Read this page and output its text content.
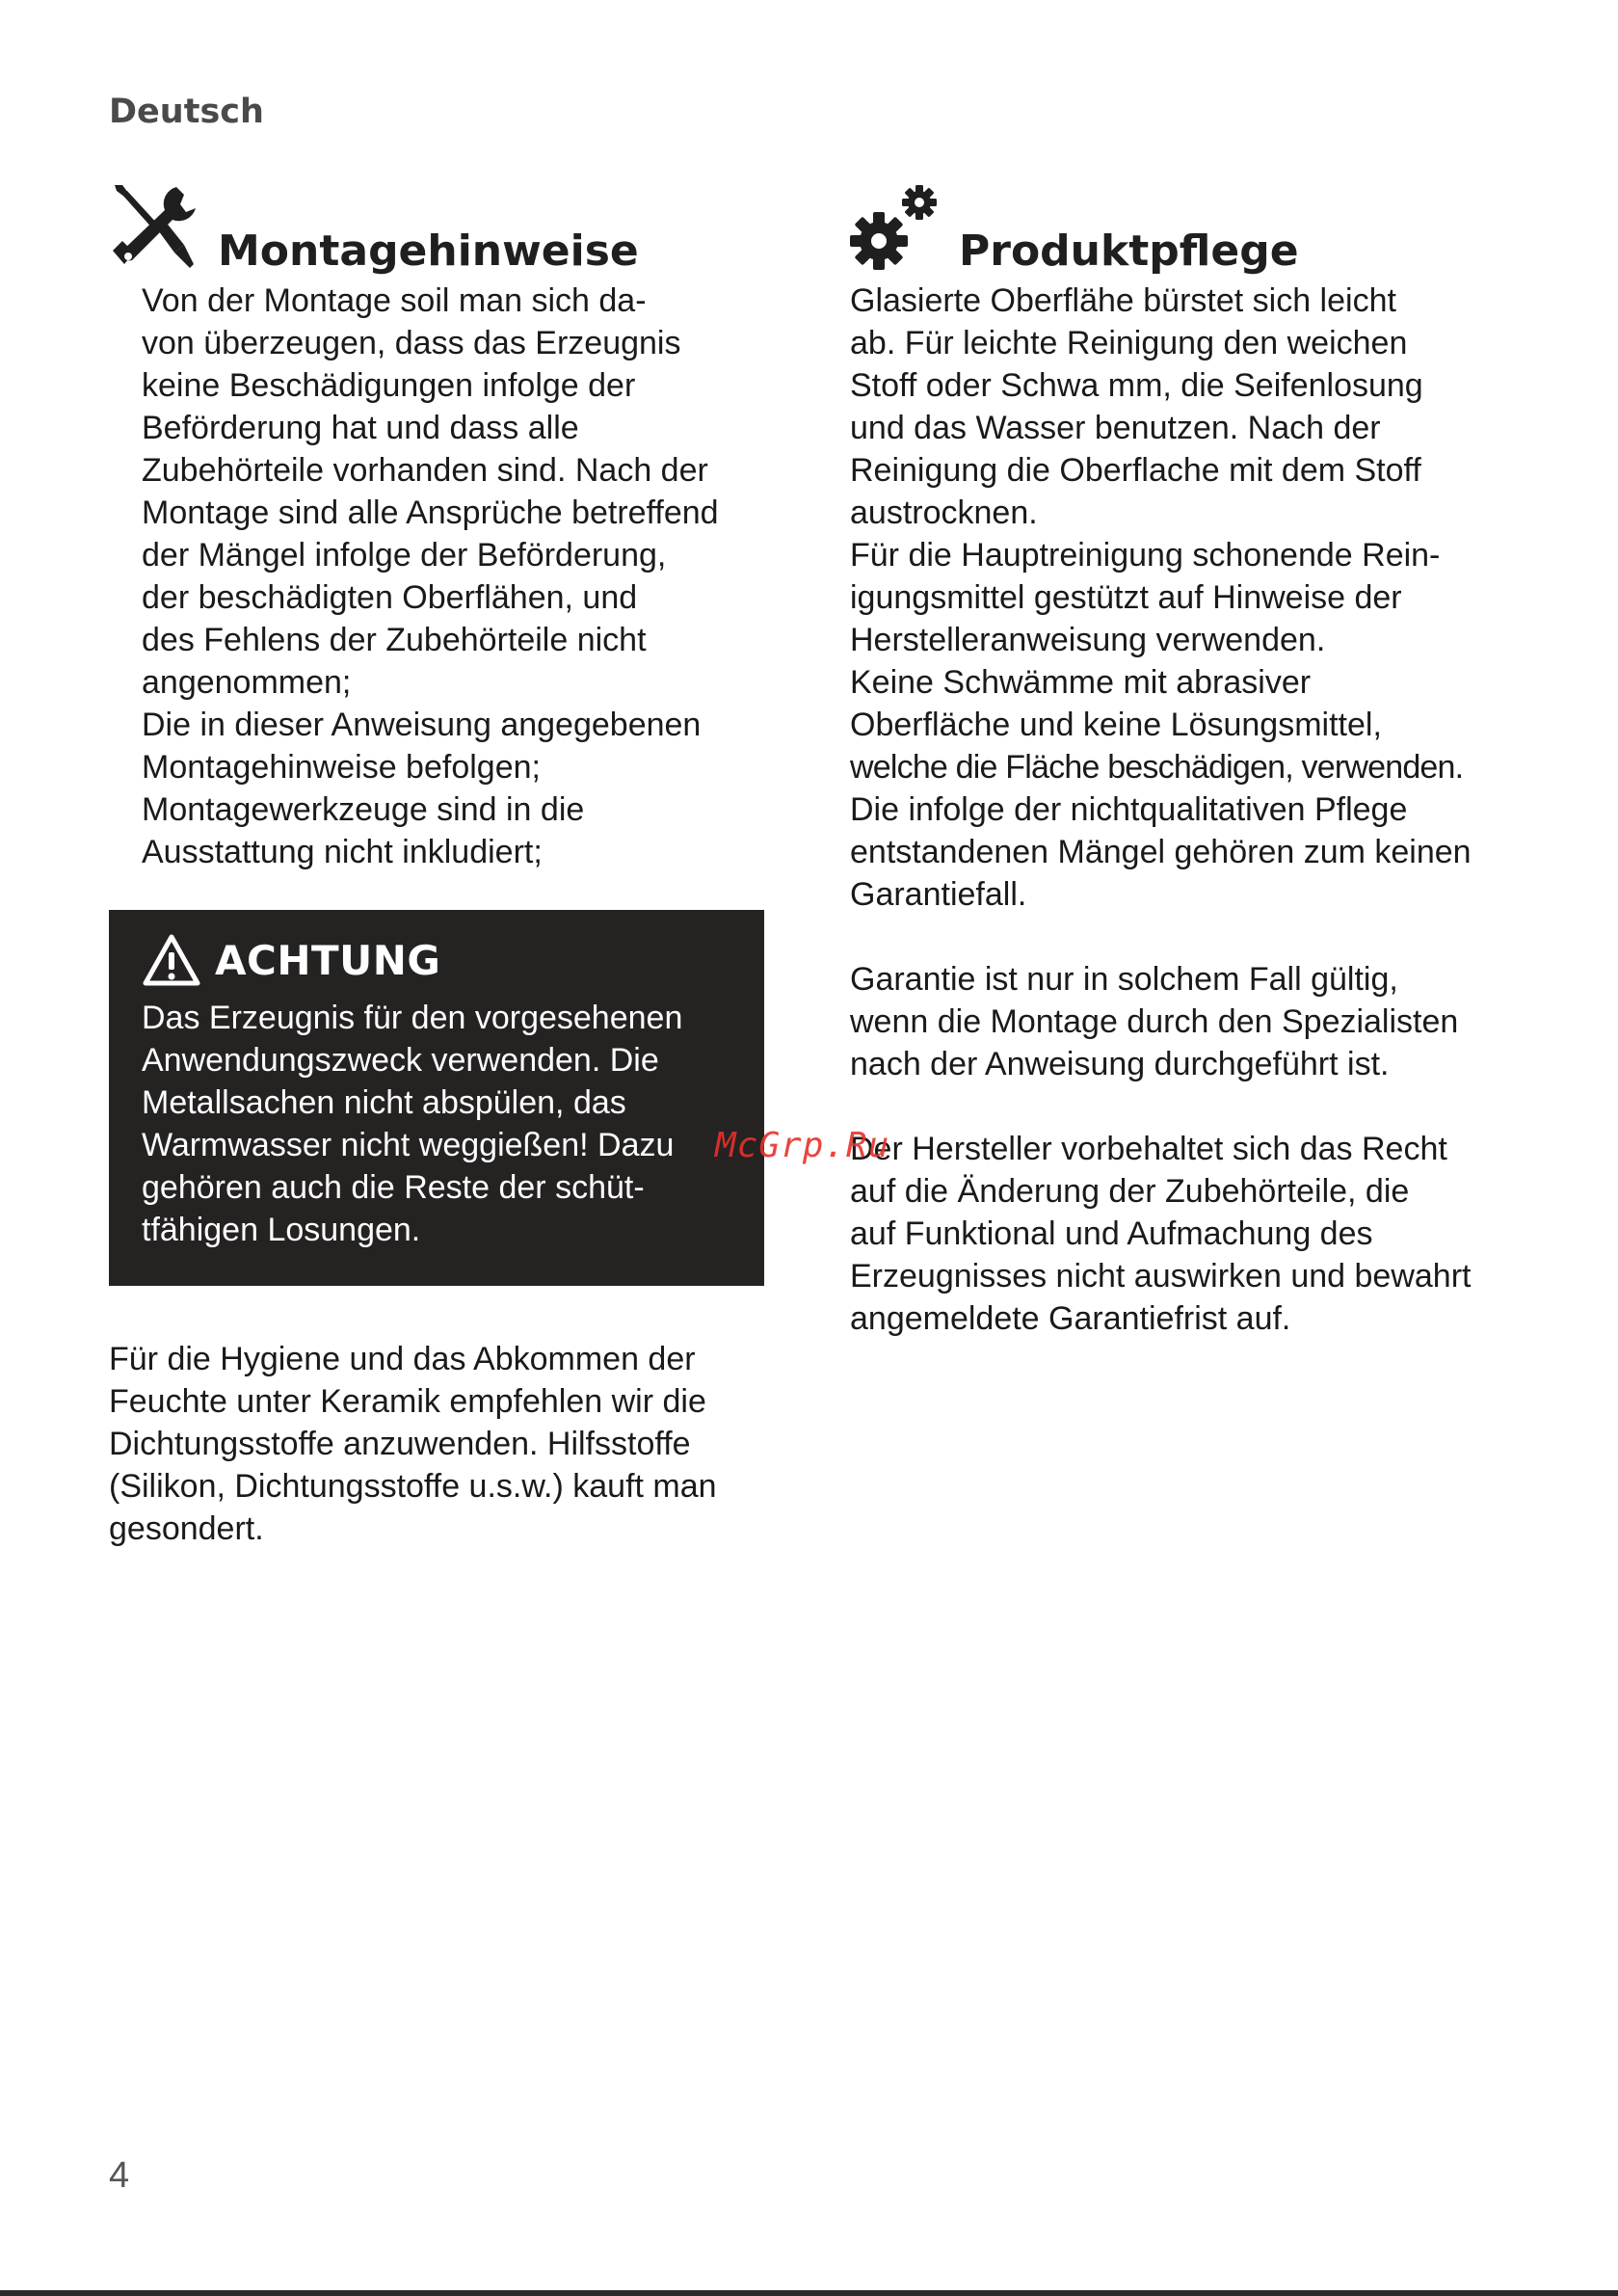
Deutsch
Montagehinweise

Von der Montage soil man sich da-
von überzeugen, dass das Erzeugnis
keine Beschädigungen infolge der
Beförderung hat und dass alle
Zubehörteile vorhanden sind. Nach der
Montage sind alle Ansprüche betreffend
der Mängel infolge der Beförderung,
der beschädigten Oberflähen, und
des Fehlens der Zubehörteile nicht
angenommen;
Die in dieser Anweisung angegebenen
Montagehinweise befolgen;
Montagewerkzeuge sind in die
Ausstattung nicht inkludiert;

ACHTUNG

Das Erzeugnis für den vorgesehenen
Anwendungszweck verwenden. Die
Metallsachen nicht abspülen, das
Warmwasser nicht weggießen! Dazu
gehören auch die Reste der schüt-
tfähigen Losungen.

Für die Hygiene und das Abkommen der
Feuchte unter Keramik empfehlen wir die
Dichtungsstoffe anzuwenden. Hilfsstoffe
(Silikon, Dichtungsstoffe u.s.w.) kauft man
gesondert.

Produktpflege

Glasierte Oberflähe bürstet sich leicht
ab. Für leichte Reinigung den weichen
Stoff oder Schwa mm, die Seifenlosung
und das Wasser benutzen. Nach der
Reinigung die Oberflache mit dem Stoff
austrocknen.
Für die Hauptreinigung schonende Rein-
igungsmittel gestützt auf Hinweise der
Herstelleranweisung verwenden.
Keine Schwämme mit abrasiver
Oberfläche und keine Lösungsmittel,
welche die Fläche beschädigen, verwenden.
Die infolge der nichtqualitativen Pflege
entstandenen Mängel gehören zum keinen
Garantiefall.

Garantie ist nur in solchem Fall gültig,
wenn die Montage durch den Spezialisten
nach der Anweisung durchgeführt ist.

Der Hersteller vorbehaltet sich das Recht
auf die Änderung der Zubehörteile, die
auf Funktional und Aufmachung des
Erzeugnisses nicht auswirken und bewahrt
angemeldete Garantiefrist auf.

McGrp.Ru
4
